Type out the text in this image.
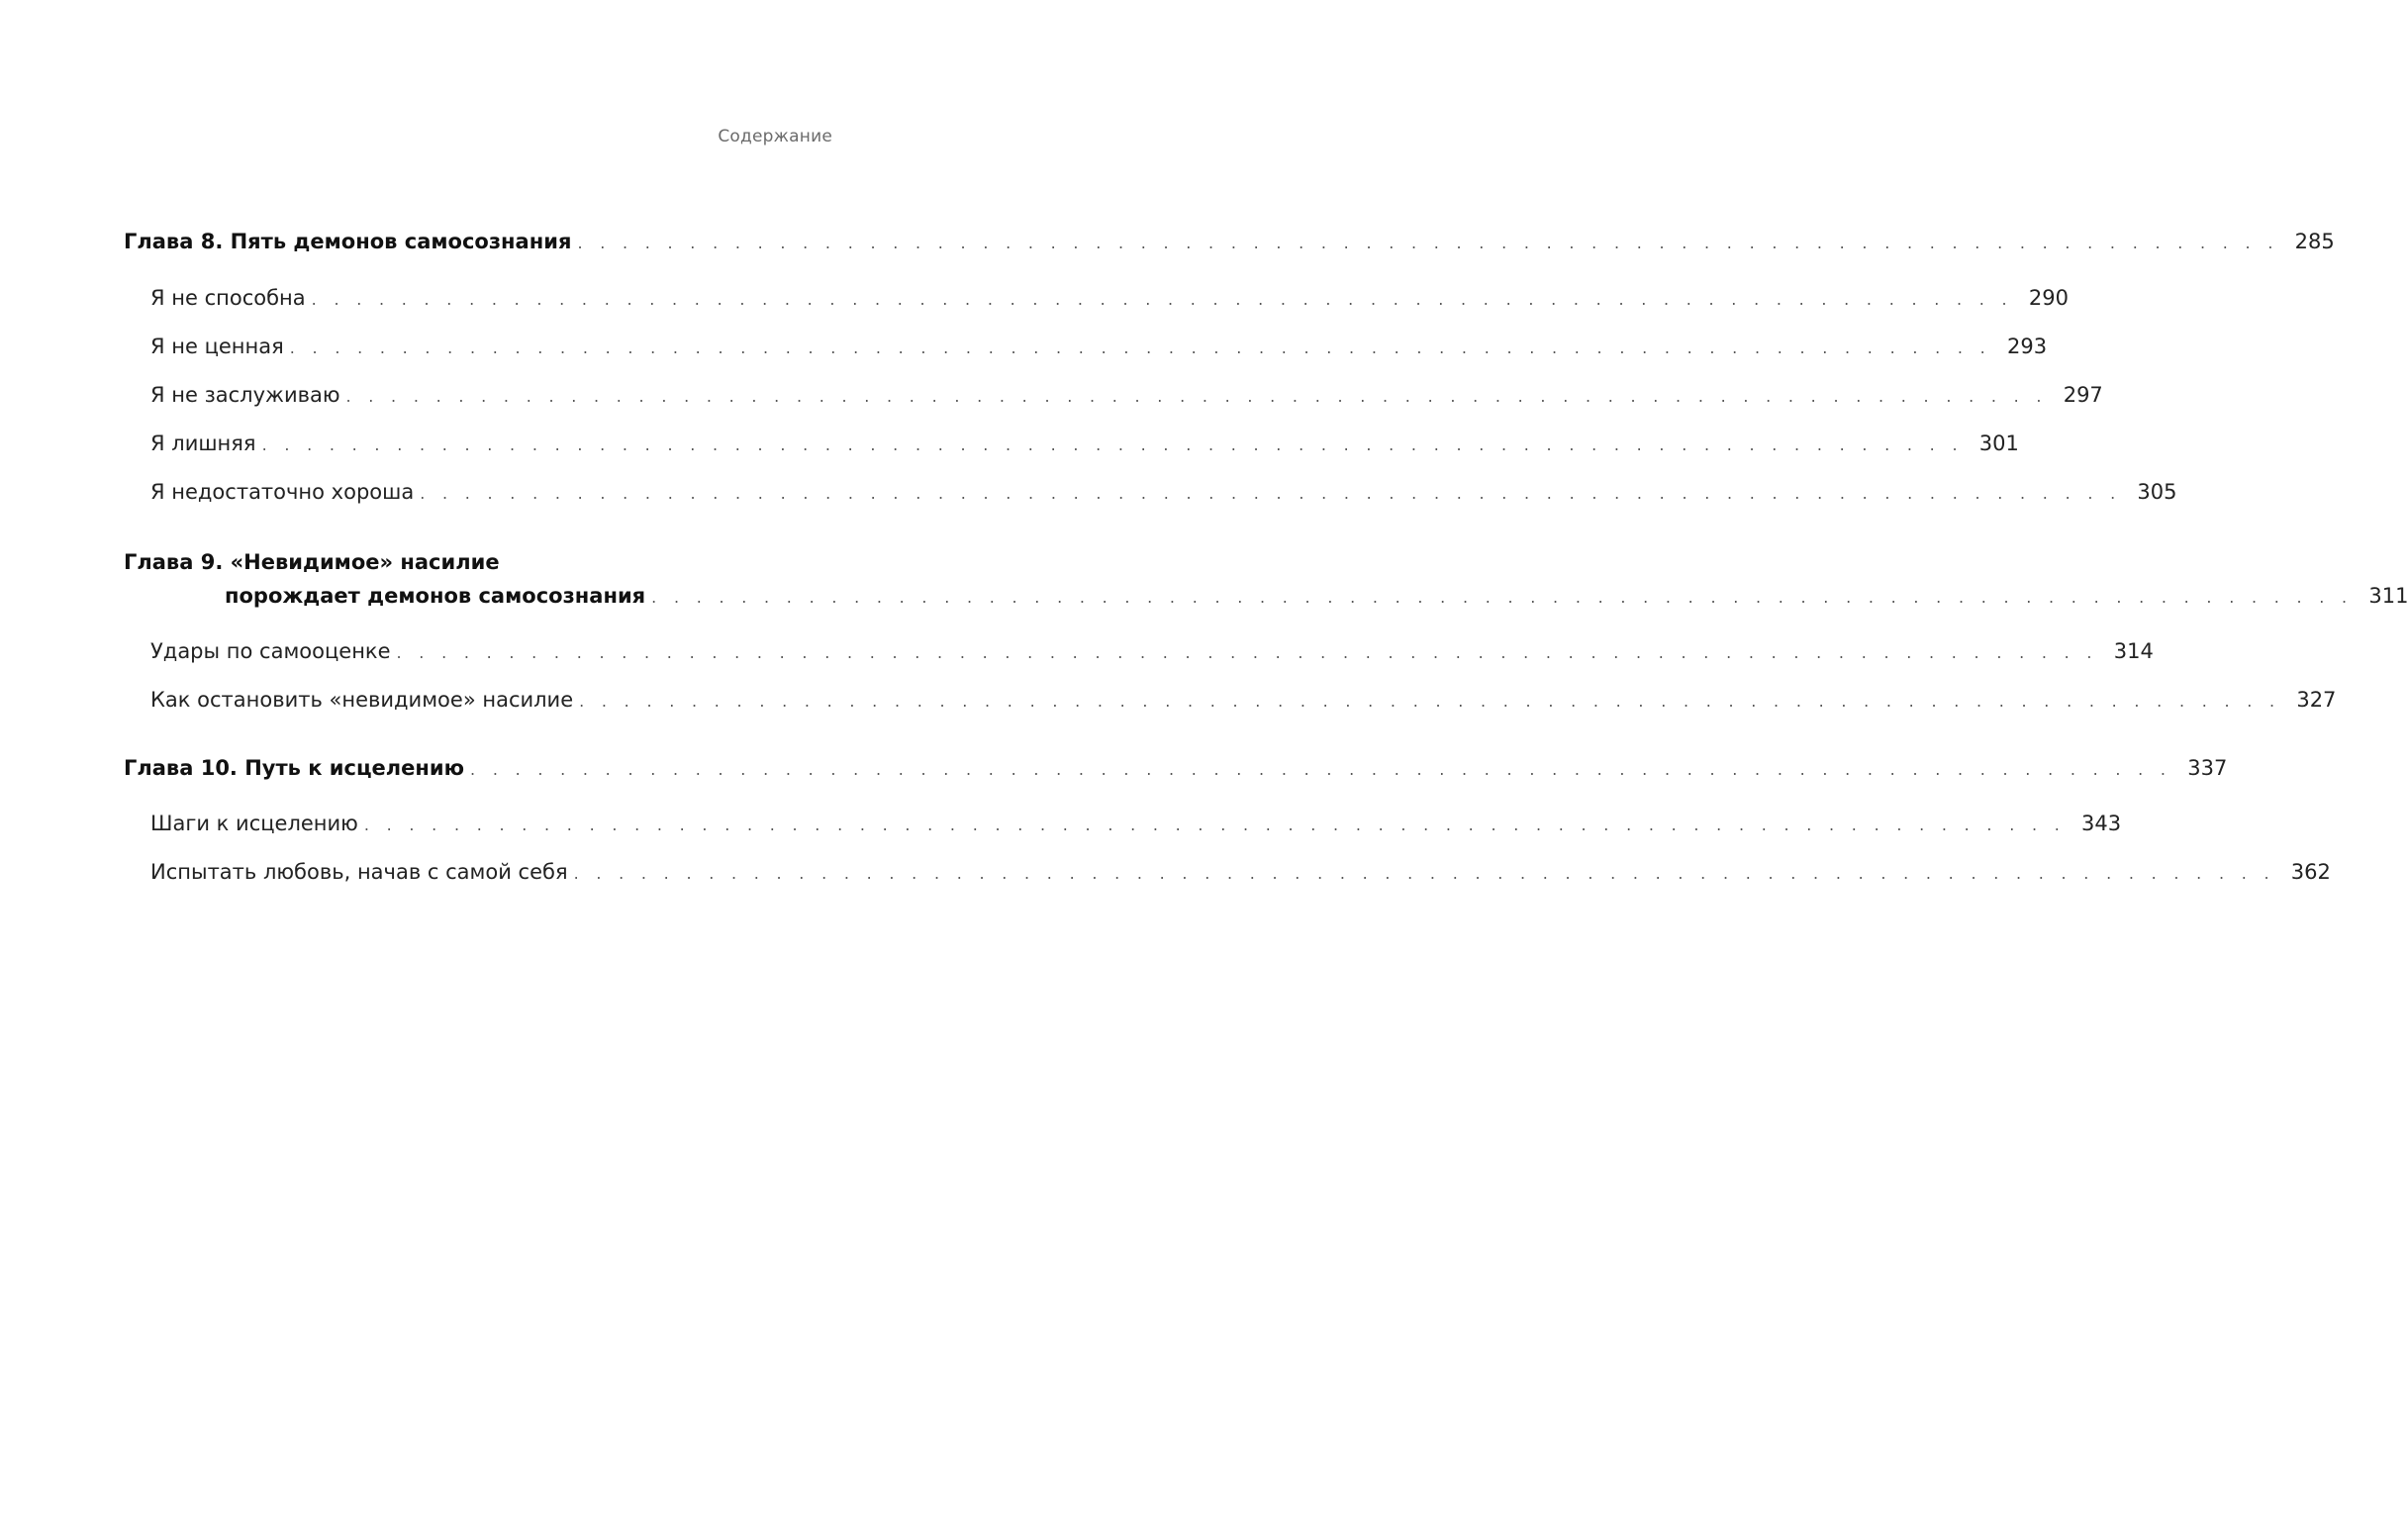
Содержание
Глава 8. Пять демонов самосознания . . . . . . . . . . . . . . . . . . . . . . . . . . . . . . . . . . . . . . . . . . . . . . . . . . . . . . . . . . . . . . . . . . . . . . . . . . . . 285
Я не способна . . . . . . . . . . . . . . . . . . . . . . . . . . . . . . . . . . . . . . . . . . . . . . . . . . . . . . . . . . . . . . . . . . . . . . . . . . . . 290
Я не ценная . . . . . . . . . . . . . . . . . . . . . . . . . . . . . . . . . . . . . . . . . . . . . . . . . . . . . . . . . . . . . . . . . . . . . . . . . . . . 293
Я не заслуживаю . . . . . . . . . . . . . . . . . . . . . . . . . . . . . . . . . . . . . . . . . . . . . . . . . . . . . . . . . . . . . . . . . . . . . . . . . . . . 297
Я лишняя . . . . . . . . . . . . . . . . . . . . . . . . . . . . . . . . . . . . . . . . . . . . . . . . . . . . . . . . . . . . . . . . . . . . . . . . . . . . 301
Я недостаточно хороша . . . . . . . . . . . . . . . . . . . . . . . . . . . . . . . . . . . . . . . . . . . . . . . . . . . . . . . . . . . . . . . . . . . . . . . . . . . . 305
Глава 9. «Невидимое» насилие
порождает демонов самосознания . . . . . . . . . . . . . . . . . . . . . . . . . . . . . . . . . . . . . . . . . . . . . . . . . . . . . . . . . . . . . . . . . . . . . . . . . . . . 311
Удары по самооценке . . . . . . . . . . . . . . . . . . . . . . . . . . . . . . . . . . . . . . . . . . . . . . . . . . . . . . . . . . . . . . . . . . . . . . . . . . . . 314
Как остановить «невидимое» насилие . . . . . . . . . . . . . . . . . . . . . . . . . . . . . . . . . . . . . . . . . . . . . . . . . . . . . . . . . . . . . . . . . . . . . . . . . . . . 327
Глава 10. Путь к исцелению . . . . . . . . . . . . . . . . . . . . . . . . . . . . . . . . . . . . . . . . . . . . . . . . . . . . . . . . . . . . . . . . . . . . . . . . . . . . 337
Шаги к исцелению . . . . . . . . . . . . . . . . . . . . . . . . . . . . . . . . . . . . . . . . . . . . . . . . . . . . . . . . . . . . . . . . . . . . . . . . . . . . 343
Испытать любовь, начав с самой себя . . . . . . . . . . . . . . . . . . . . . . . . . . . . . . . . . . . . . . . . . . . . . . . . . . . . . . . . . . . . . . . . . . . . . . . . . . . . 362
